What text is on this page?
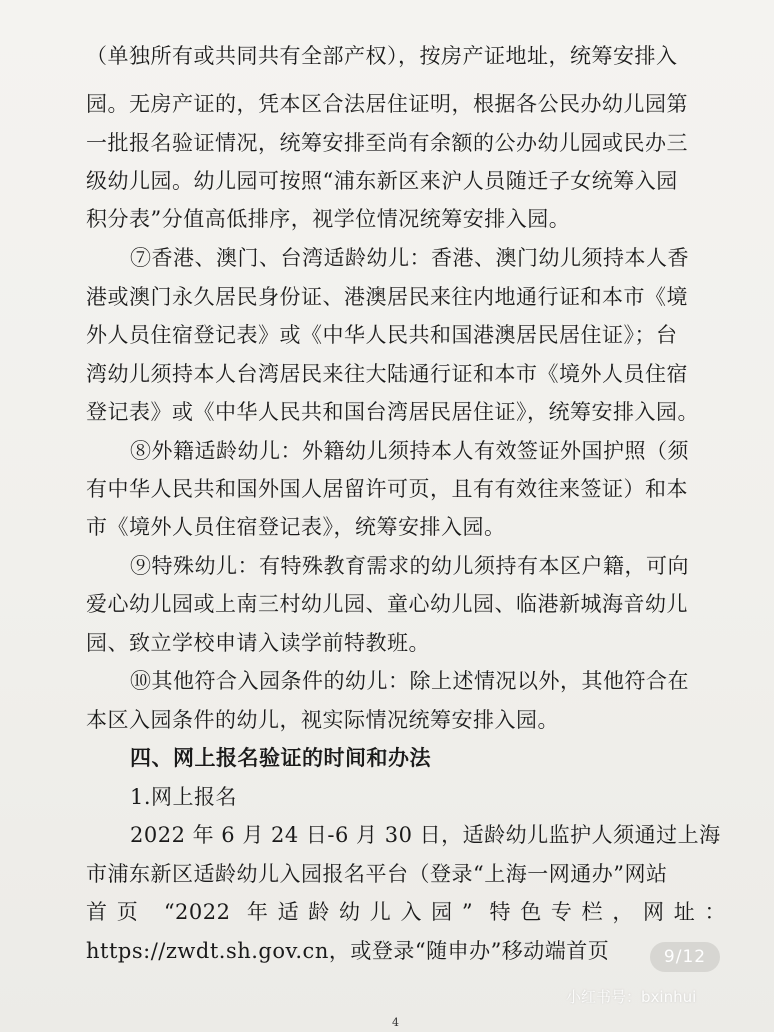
（单独所有或共同共有全部产权），按房产证地址，统筹安排入
园。无房产证的，凭本区合法居住证明，根据各公民办幼儿园第
一批报名验证情况，统筹安排至尚有余额的公办幼儿园或民办三
级幼儿园。幼儿园可按照“浦东新区来沪人员随迁子女统筹入园
积分表”分值高低排序，视学位情况统筹安排入园。
⑦香港、澳门、台湾适龄幼儿：香港、澳门幼儿须持本人香
港或澳门永久居民身份证、港澳居民来往内地通行证和本市《境
外人员住宿登记表》或《中华人民共和国港澳居民居住证》；台
湾幼儿须持本人台湾居民来往大陆通行证和本市《境外人员住宿
登记表》或《中华人民共和国台湾居民居住证》，统筹安排入园。
⑧外籍适龄幼儿：外籍幼儿须持本人有效签证外国护照（须
有中华人民共和国外国人居留许可页，且有有效往来签证）和本
市《境外人员住宿登记表》，统筹安排入园。
⑨特殊幼儿：有特殊教育需求的幼儿须持有本区户籍，可向
爱心幼儿园或上南三村幼儿园、童心幼儿园、临港新城海音幼儿
园、致立学校申请入读学前特教班。
⑩其他符合入园条件的幼儿：除上述情况以外，其他符合在
本区入园条件的幼儿，视实际情况统筹安排入园。
四、网上报名验证的时间和办法
1.网上报名
2022 年 6 月 24 日-6 月 30 日，适龄幼儿监护人须通过上海
市浦东新区适龄幼儿入园报名平台（登录“上海一网通办”网站
首页 “2022 年适龄幼儿入园” 特色专栏，网址：
https://zwdt.sh.gov.cn，或登录“随申办”移动端首页	9/12
小红书号：bxinhui
4
